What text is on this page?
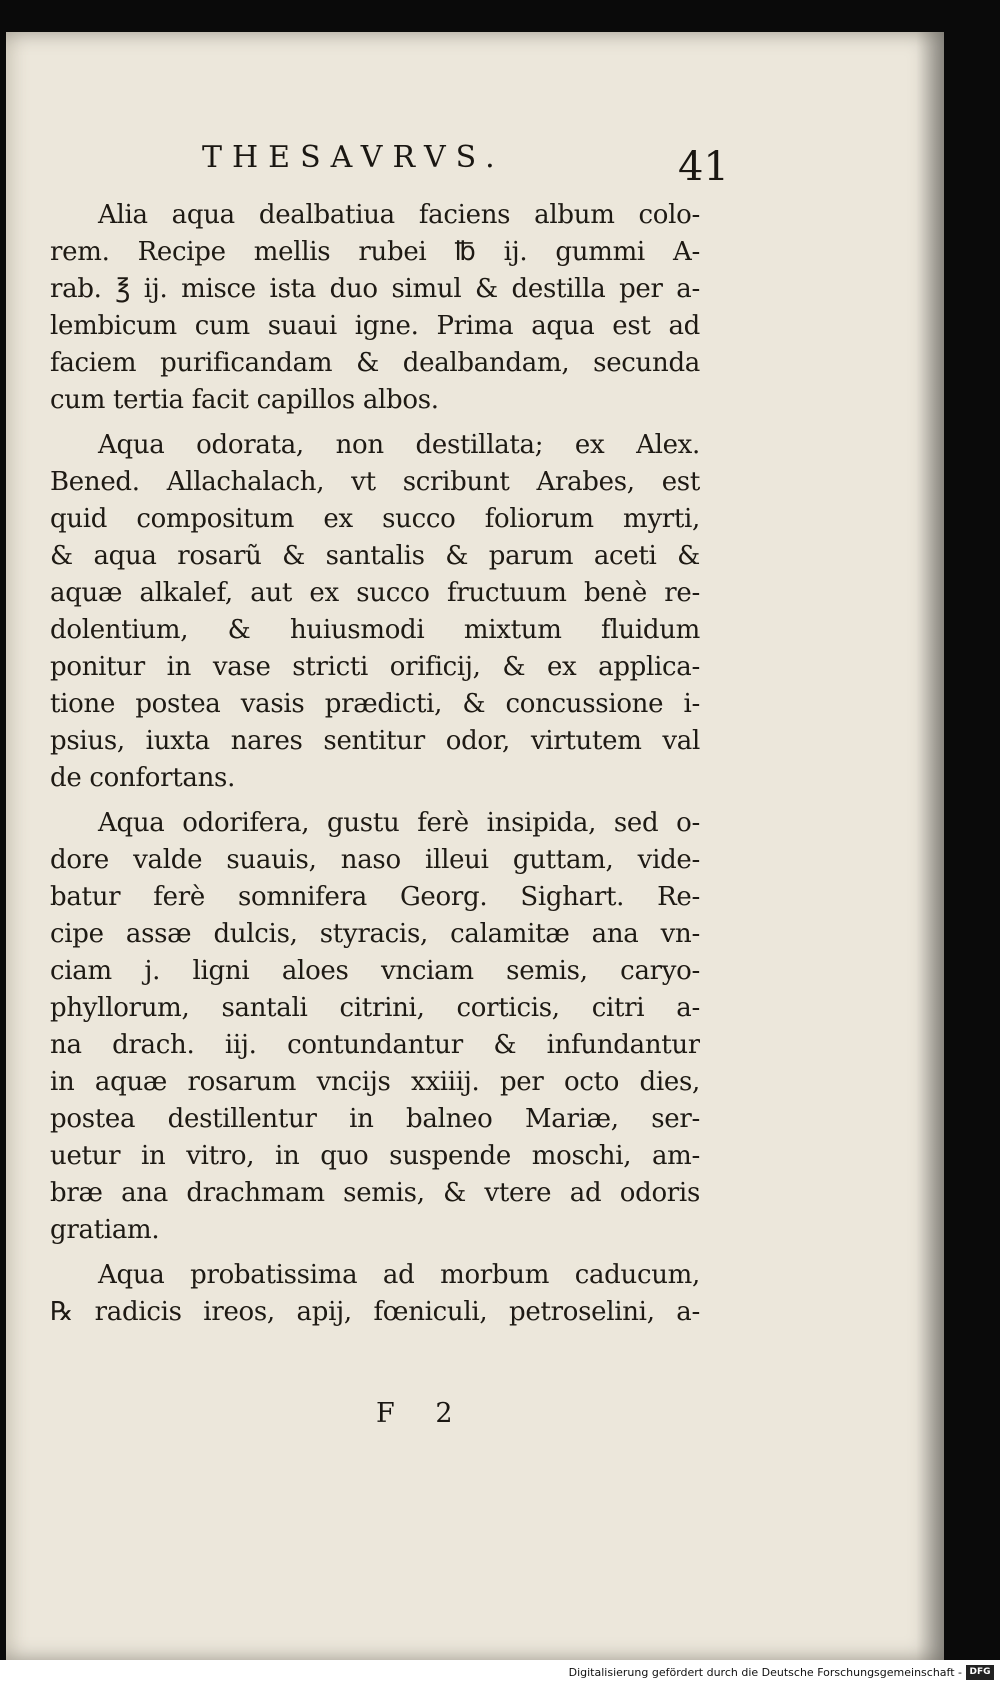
THESAVRVS.	41
Alia aqua dealbatiua faciens album colo-
rem. Recipe mellis rubei ℔ ij. gummi A-
rab. ℥ ij. misce ista duo simul & destilla per a-
lembicum cum suaui igne. Prima aqua est ad
faciem purificandam & dealbandam, secunda
cum tertia facit capillos albos.
Aqua odorata, non destillata; ex Alex.
Bened. Allachalach, vt scribunt Arabes, est
quid compositum ex succo foliorum myrti,
& aqua rosarũ & santalis & parum aceti &
aquæ alkalef, aut ex succo fructuum benè re-
dolentium, & huiusmodi mixtum fluidum
ponitur in vase stricti orificij, & ex applica-
tione postea vasis prædicti, & concussione i-
psius, iuxta nares sentitur odor, virtutem val
de confortans.
Aqua odorifera, gustu ferè insipida, sed o-
dore valde suauis, naso illeui guttam, vide-
batur ferè somnifera Georg. Sighart. Re-
cipe assæ dulcis, styracis, calamitæ ana vn-
ciam j. ligni aloes vnciam semis, caryo-
phyllorum, santali citrini, corticis, citri a-
na drach. iij. contundantur & infundantur
in aquæ rosarum vncijs xxiiij. per octo dies,
postea destillentur in balneo Mariæ, ser-
uetur in vitro, in quo suspende moschi, am-
bræ ana drachmam semis, & vtere ad odoris
gratiam.
Aqua probatissima ad morbum caducum,
℞ radicis ireos, apij, fœniculi, petroselini, a-
F 2
Digitalisierung gefördert durch die Deutsche Forschungsgemeinschaft - DFG
